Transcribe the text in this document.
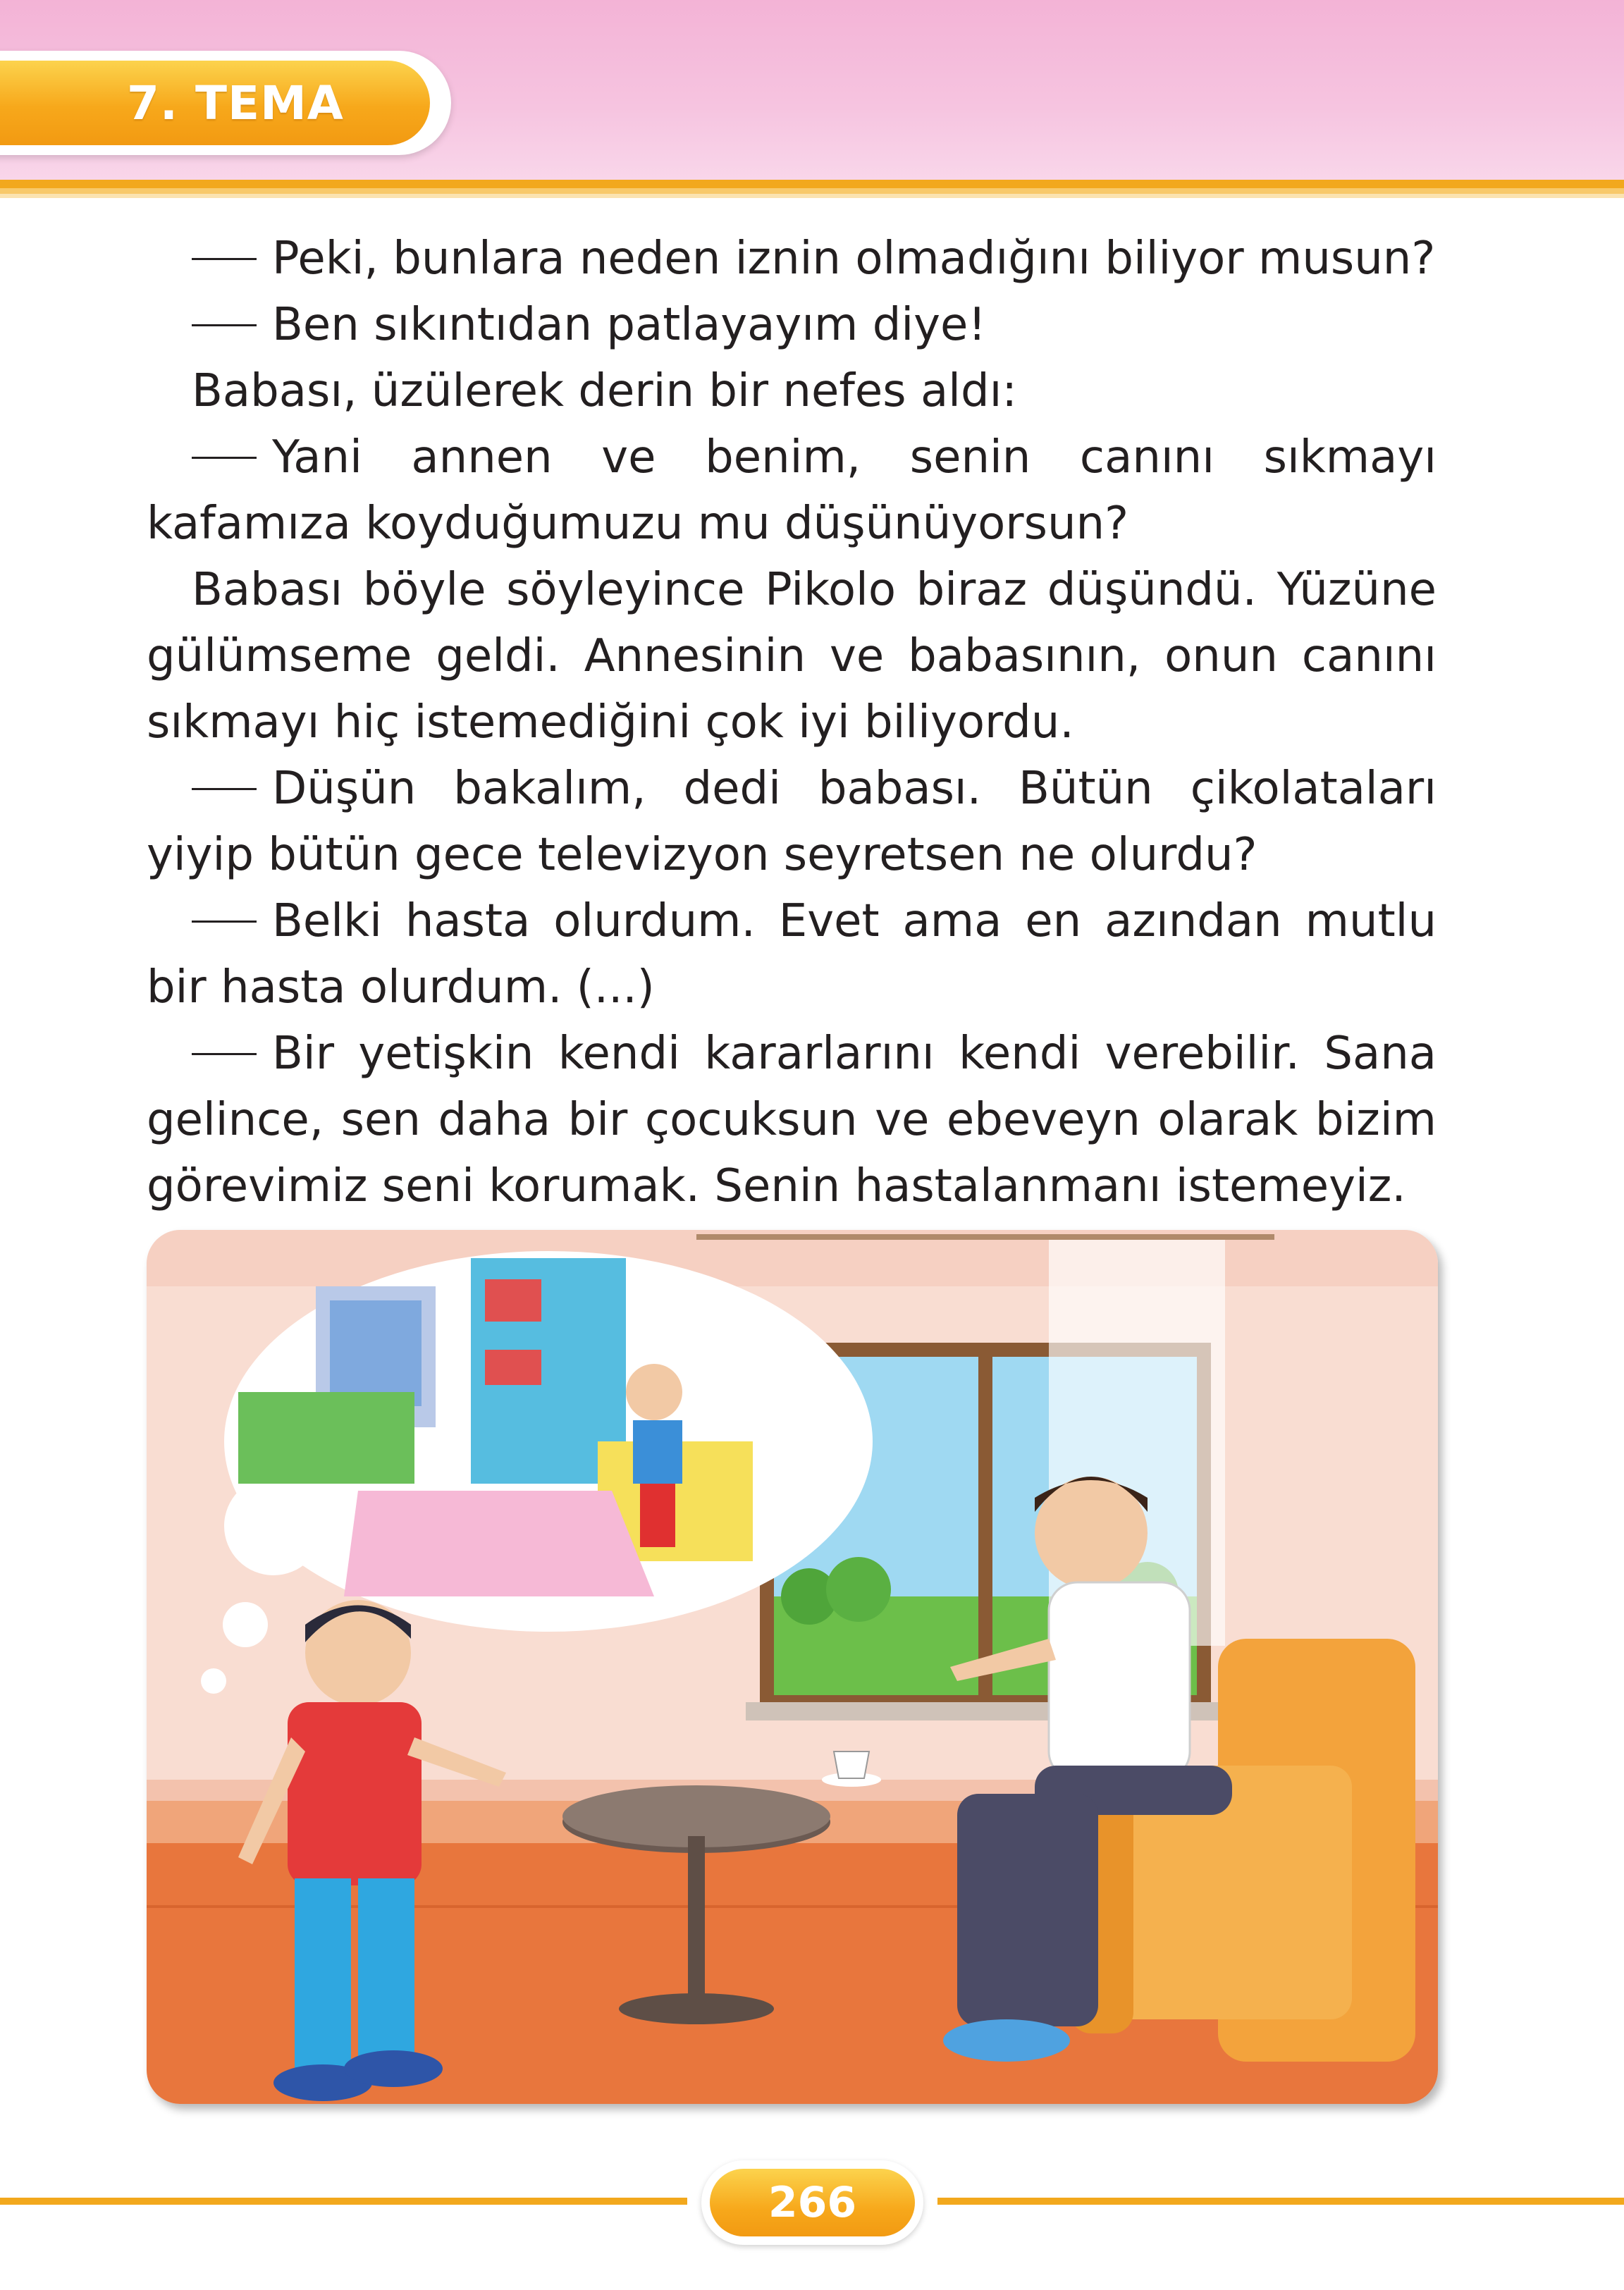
7. TEMA

Peki, bunlara neden iznin olmadığını biliyor musun?

Ben sıkıntıdan patlayayım diye!

Babası, üzülerek derin bir nefes aldı:

Yani annen ve benim, senin canını sıkmayı kafamıza koyduğumuzu mu düşünüyorsun?

Babası böyle söyleyince Pikolo biraz düşündü. Yüzüne gülümseme geldi. Annesinin ve babasının, onun canını sıkmayı hiç istemediğini çok iyi biliyordu.

Düşün bakalım, dedi babası. Bütün çikolataları yiyip bütün gece televizyon seyretsen ne olurdu?

Belki hasta olurdum. Evet ama en azından mutlu bir hasta olurdum. (...)

Bir yetişkin kendi kararlarını kendi verebilir. Sana gelince, sen daha bir çocuksun ve ebeveyn olarak bizim görevimiz seni korumak. Senin hastalanmanı istemeyiz.

266
